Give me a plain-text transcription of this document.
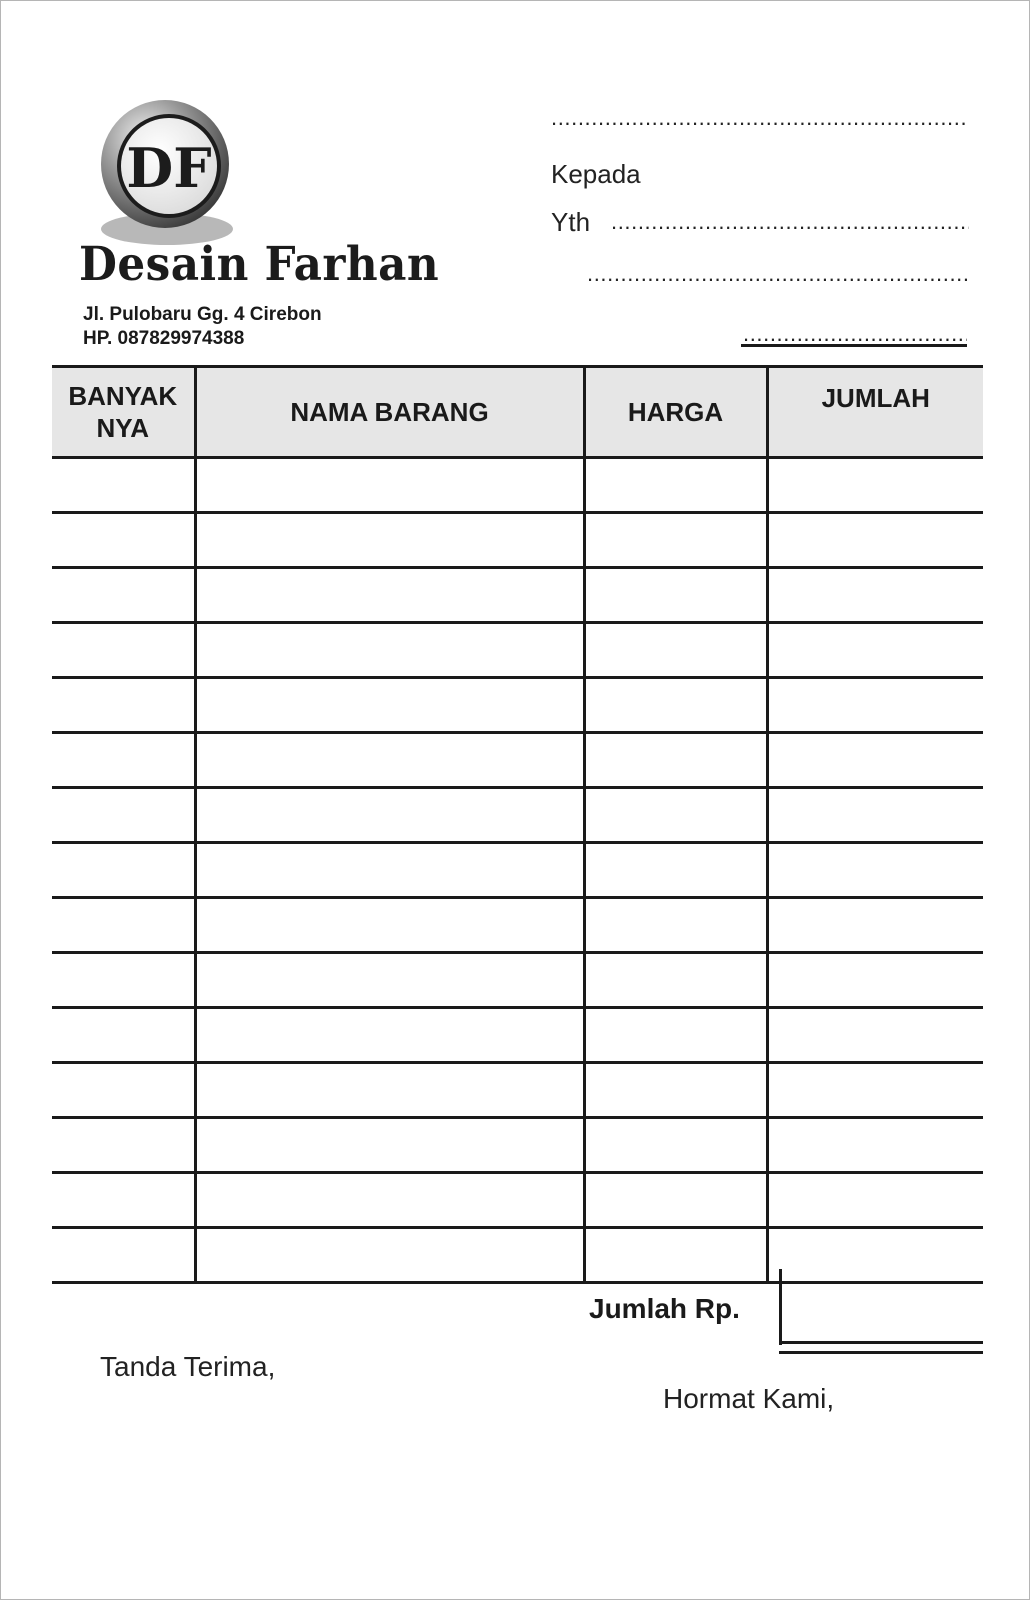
DF
Desain Farhan
Jl. Pulobaru Gg. 4 Cirebon
HP. 087829974388
.....
Kepada
Yth
.....
.....
.....
BANYAK NYA	NAMA BARANG	HARGA	JUMLAH

Jumlah Rp.
Tanda Terima,
Hormat Kami,
